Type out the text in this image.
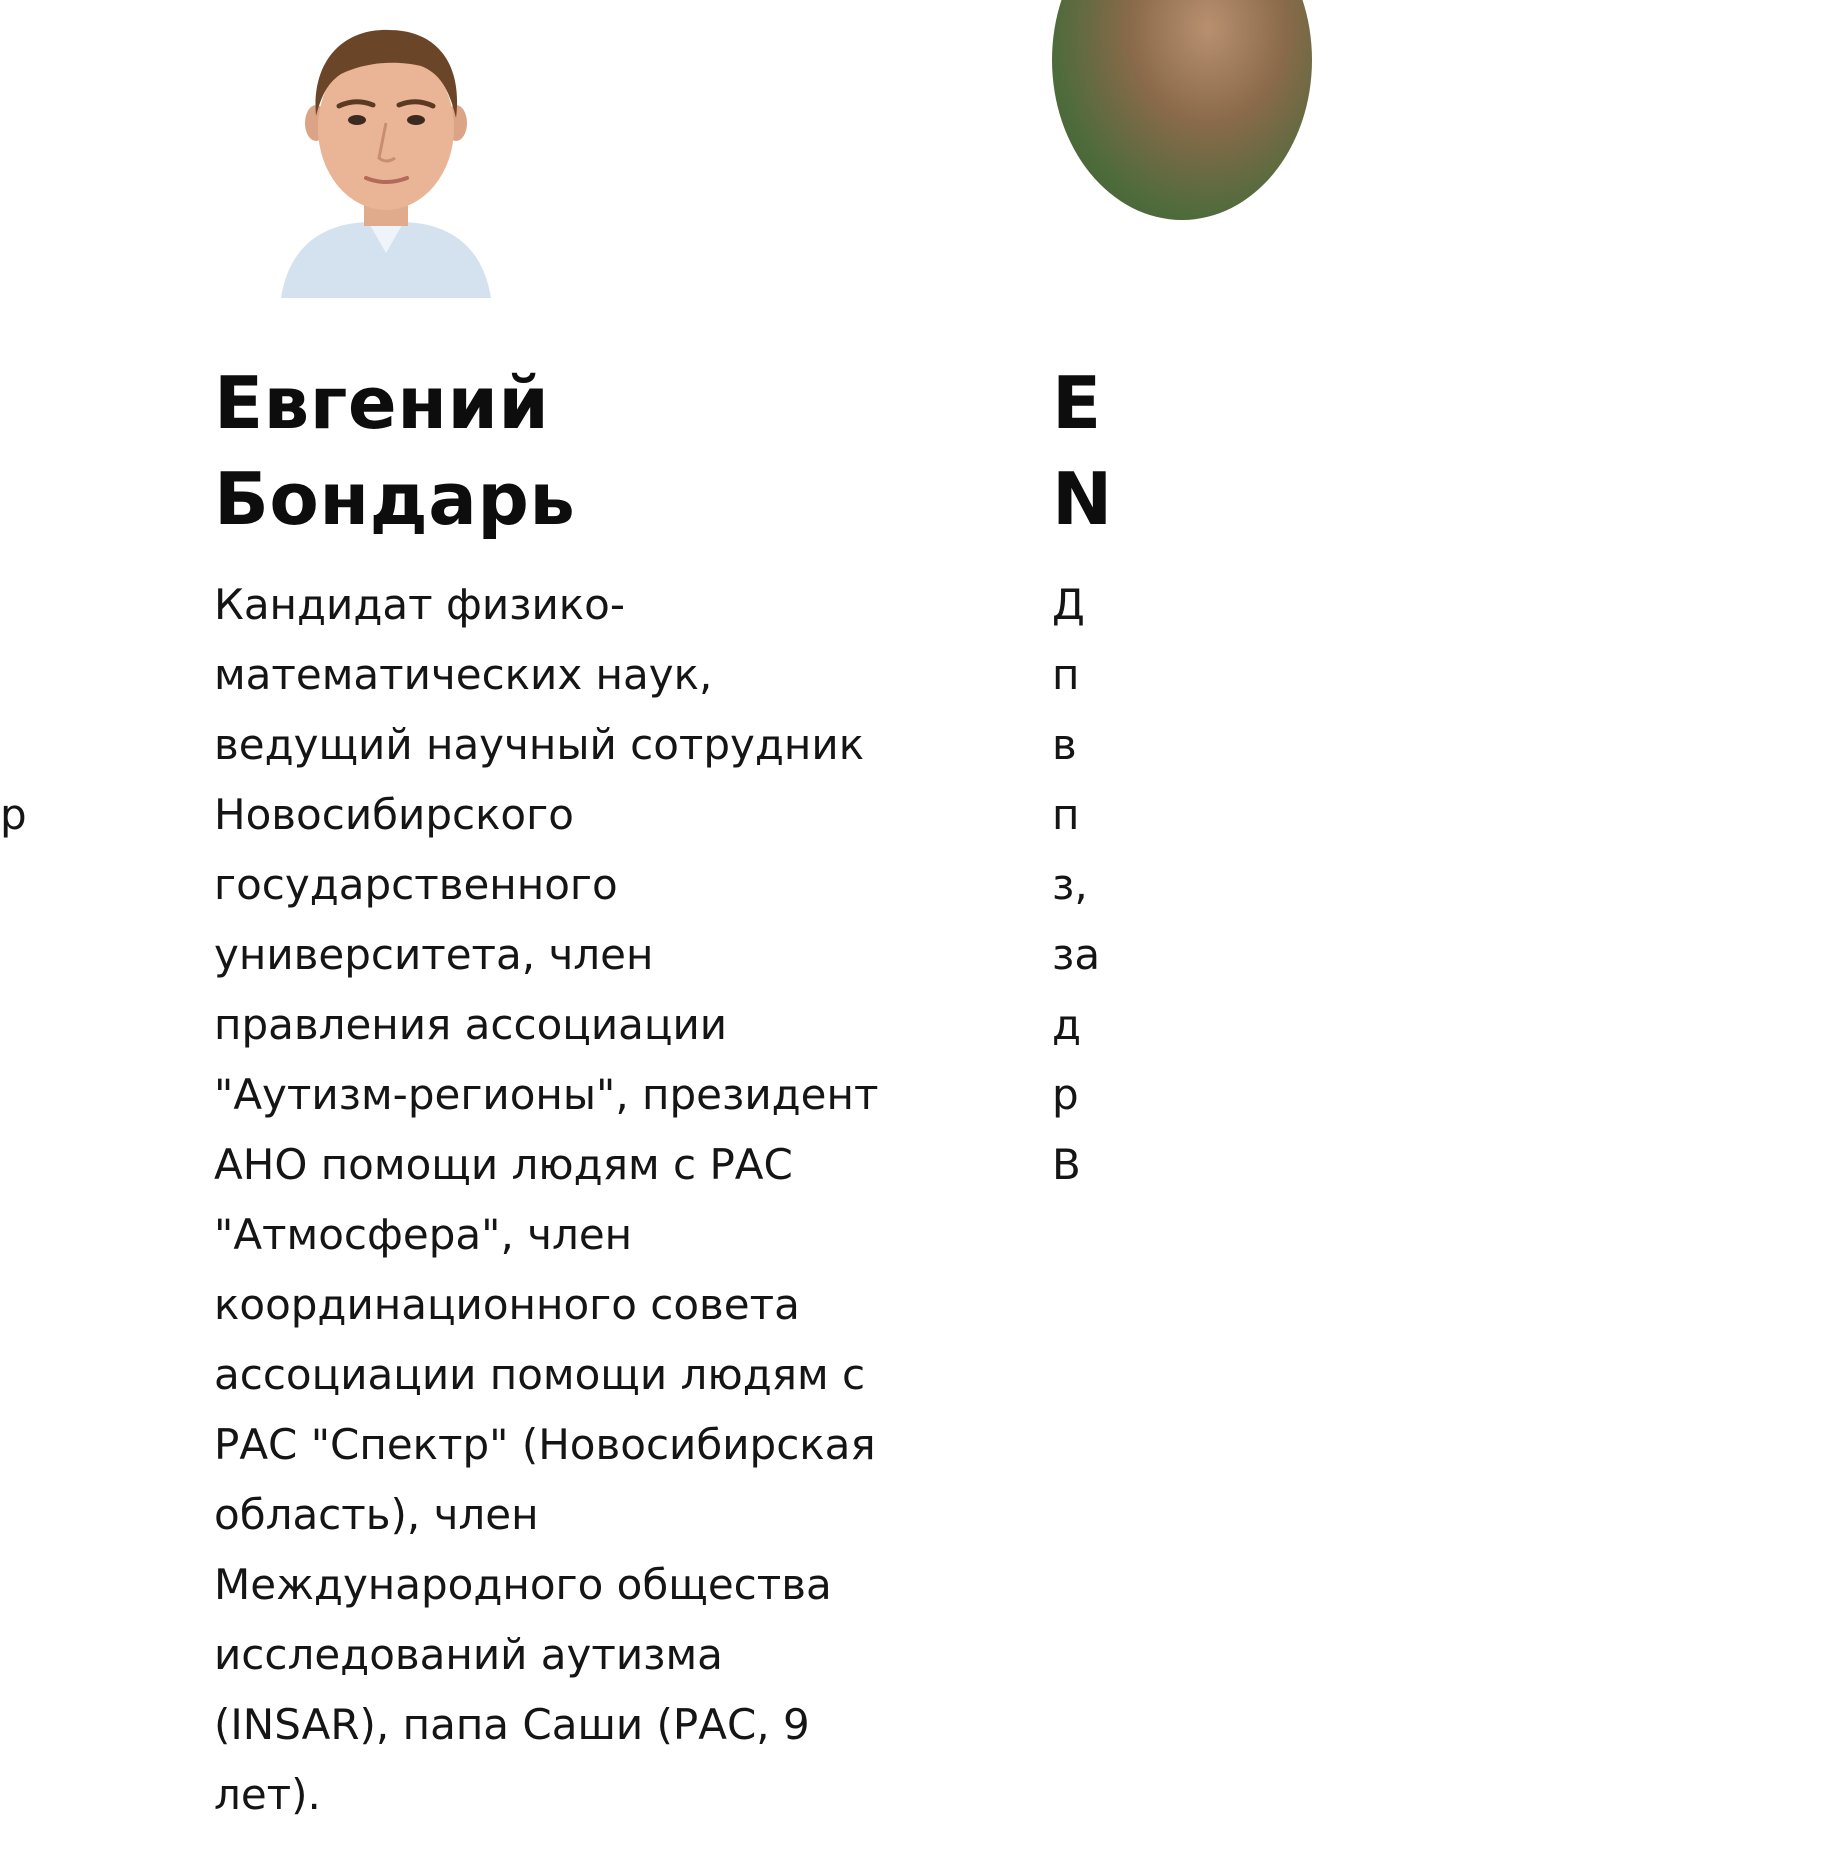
р
Евгений
Бондарь

Кандидат физико-
математических наук,
ведущий научный сотрудник
Новосибирского
государственного
университета, член
правления ассоциации
"Аутизм-регионы", президент
АНО помощи людям с РАС
"Атмосфера", член
координационного совета
ассоциации помощи людям с
РАС "Спектр" (Новосибирская
область), член
Международного общества
исследований аутизма
(INSAR), папа Саши (РАС, 9
лет).

Е
N

Д
п
в
п
з,
за
д
р
В
